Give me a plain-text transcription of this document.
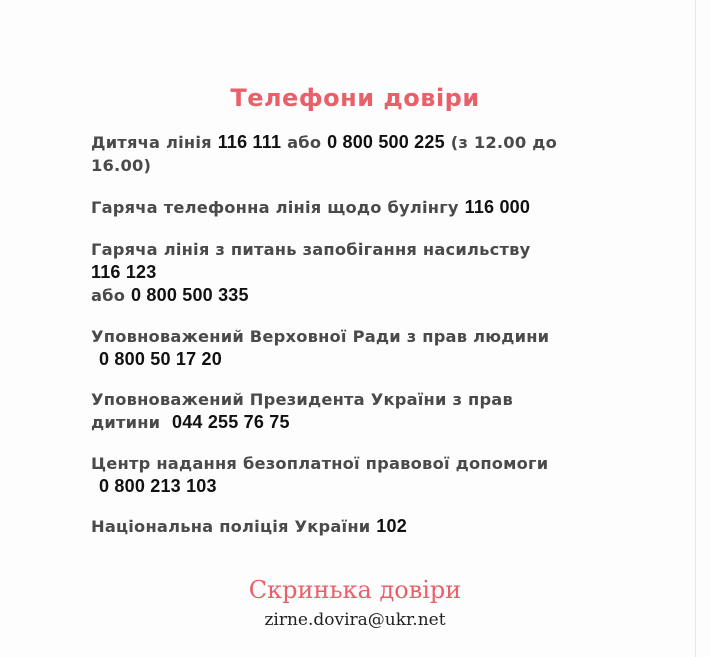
Телефони довіри
Дитяча лінія 116 111 або 0 800 500 225 (з 12.00 до
16.00)
Гаряча телефонна лінія щодо булінгу 116 000
Гаряча лінія з питань запобігання насильству
116 123
або 0 800 500 335
Уповноважений Верховної Ради з прав людини
0 800 50 17 20
Уповноважений Президента України з прав
дитини 044 255 76 75
Центр надання безоплатної правової допомоги
0 800 213 103
Національна поліція України 102
Скринька довіри
zirne.dovira@ukr.net
